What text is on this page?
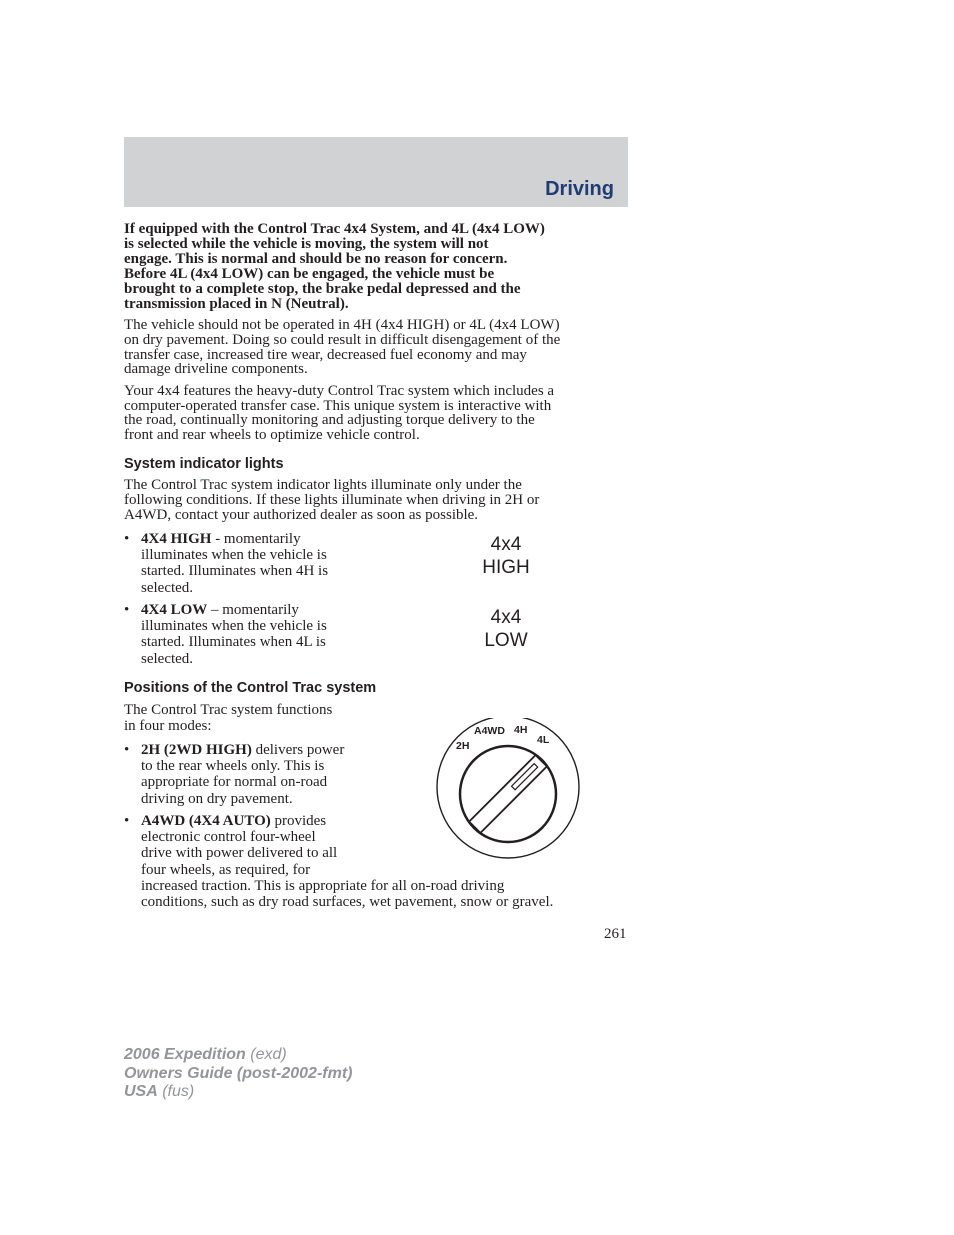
Driving
If equipped with the Control Trac 4x4 System, and 4L (4x4 LOW)
is selected while the vehicle is moving, the system will not
engage. This is normal and should be no reason for concern.
Before 4L (4x4 LOW) can be engaged, the vehicle must be
brought to a complete stop, the brake pedal depressed and the
transmission placed in N (Neutral).
The vehicle should not be operated in 4H (4x4 HIGH) or 4L (4x4 LOW)
on dry pavement. Doing so could result in difficult disengagement of the
transfer case, increased tire wear, decreased fuel economy and may
damage driveline components.
Your 4x4 features the heavy-duty Control Trac system which includes a
computer-operated transfer case. This unique system is interactive with
the road, continually monitoring and adjusting torque delivery to the
front and rear wheels to optimize vehicle control.
System indicator lights
The Control Trac system indicator lights illuminate only under the
following conditions. If these lights illuminate when driving in 2H or
A4WD, contact your authorized dealer as soon as possible.
• 4X4 HIGH - momentarily
illuminates when the vehicle is
started. Illuminates when 4H is
selected.
4x4
HIGH
• 4X4 LOW – momentarily
illuminates when the vehicle is
started. Illuminates when 4L is
selected.
4x4
LOW
Positions of the Control Trac system
The Control Trac system functions
in four modes:
• 2H (2WD HIGH) delivers power
to the rear wheels only. This is
appropriate for normal on-road
driving on dry pavement.
• A4WD (4X4 AUTO) provides
electronic control four-wheel
drive with power delivered to all
four wheels, as required, for
increased traction. This is appropriate for all on-road driving
conditions, such as dry road surfaces, wet pavement, snow or gravel.
A4WD 4H
2H	4L
261
2006 Expedition (exd)
Owners Guide (post-2002-fmt)
USA (fus)
